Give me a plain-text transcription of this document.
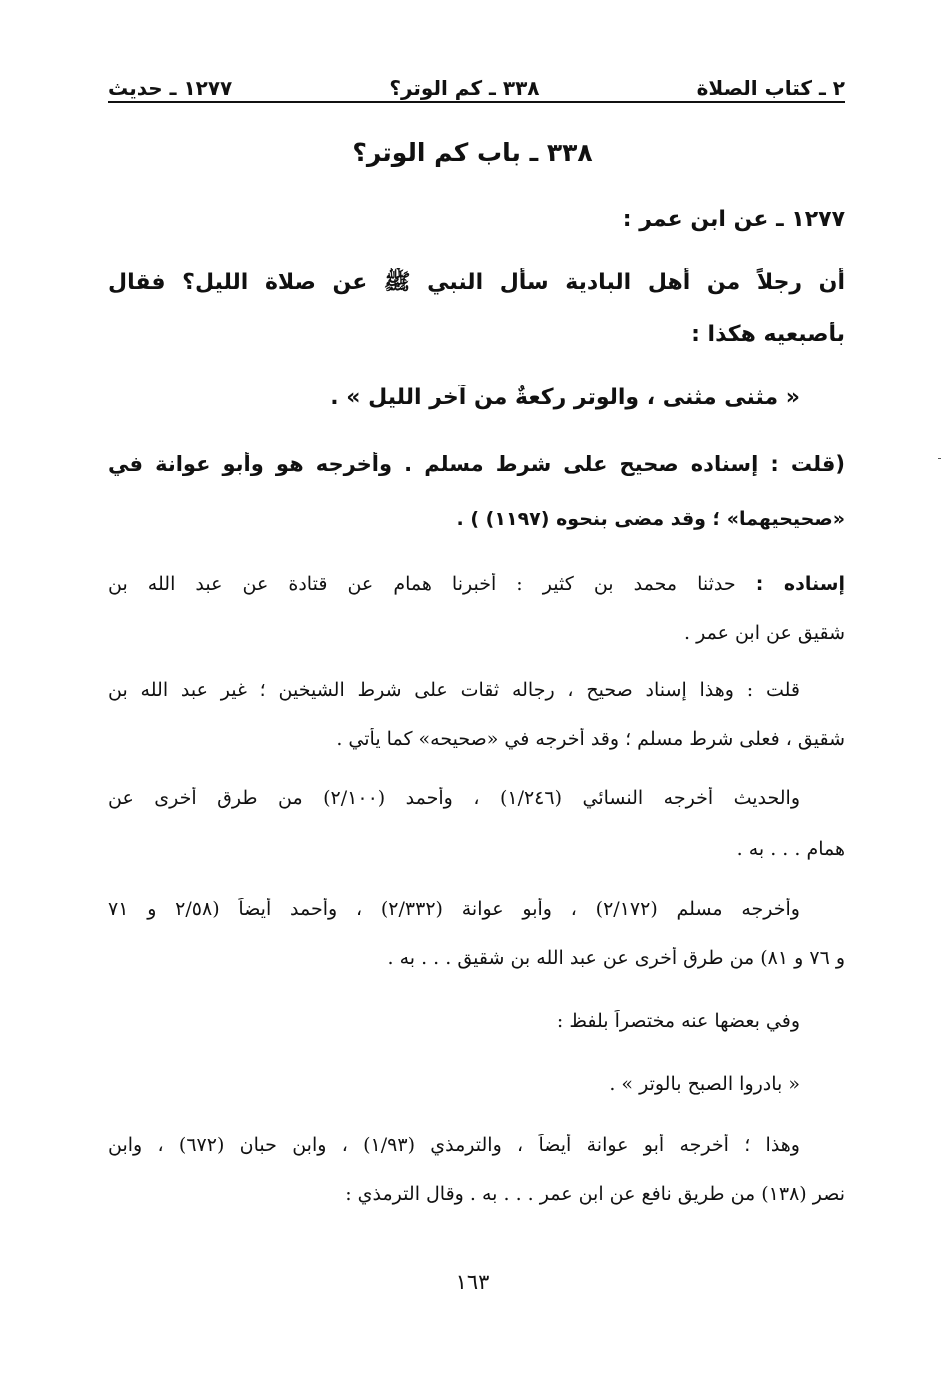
٢ ـ كتاب الصلاة
٣٣٨ ـ كم الوتر؟
١٢٧٧ ـ حديث
٣٣٨ ـ باب كم الوتر؟
١٢٧٧ ـ عن ابن عمر :
أن رجلاً من أهل البادية سأل النبي ﷺ عن صلاة الليل؟ فقال
بأصبعيه هكذا :
« مثنى مثنى ، والوتر ركعةٌ من آخر الليل » .
(قلت : إسناده صحيح على شرط مسلم . وأخرجه هو وأبو عوانة في
«صحيحيهما» ؛ وقد مضى بنحوه (١١٩٧) ) .
إسناده : حدثنا محمد بن كثير : أخبرنا همام عن قتادة عن عبد الله بن
شقيق عن ابن عمر .
قلت : وهذا إسناد صحيح ، رجاله ثقات على شرط الشيخين ؛ غير عبد الله بن
شقيق ، فعلى شرط مسلم ؛ وقد أخرجه في «صحيحه» كما يأتي .
والحديث أخرجه النسائي (١/٢٤٦) ، وأحمد (٢/١٠٠) من طرق أخرى عن
همام . . . به .
وأخرجه مسلم (٢/١٧٢) ، وأبو عوانة (٢/٣٣٢) ، وأحمد أيضاً (٢/٥٨ و ٧١
و ٧٦ و ٨١) من طرق أخرى عن عبد الله بن شقيق . . . به .
وفي بعضها عنه مختصراً بلفظ :
« بادروا الصبح بالوتر » .
وهذا ؛ أخرجه أبو عوانة أيضاً ، والترمذي (١/٩٣) ، وابن حبان (٦٧٢) ، وابن
نصر (١٣٨) من طريق نافع عن ابن عمر . . . به . وقال الترمذي :
١٦٣
